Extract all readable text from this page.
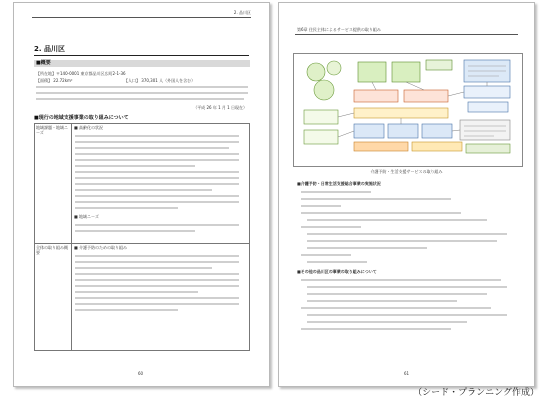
2. 品川区
2. 品川区
■概要
【所在地】〒140-0001 東京都品川区広町2-1-36
【面積】 22.72km²	【人口】 370,301 人（外国人を含む）
（平成 26 年 1 月 1 日現在）
■現行の地域支援事業の取り組みについて
地域課題・地域ニーズ	■ 高齢化の状況
■ 地域ニーズ

全体の取り組み概要	■ 介護予防のための取り組み
60
第6章 住民主体によるサービス提供の取り組み
介護予防・生活支援サービスの取り組み
■介護予防・日常生活支援総合事業の実施状況
■その他の品川区の事業の取り組みについて
61
（シード・プランニング作成）
